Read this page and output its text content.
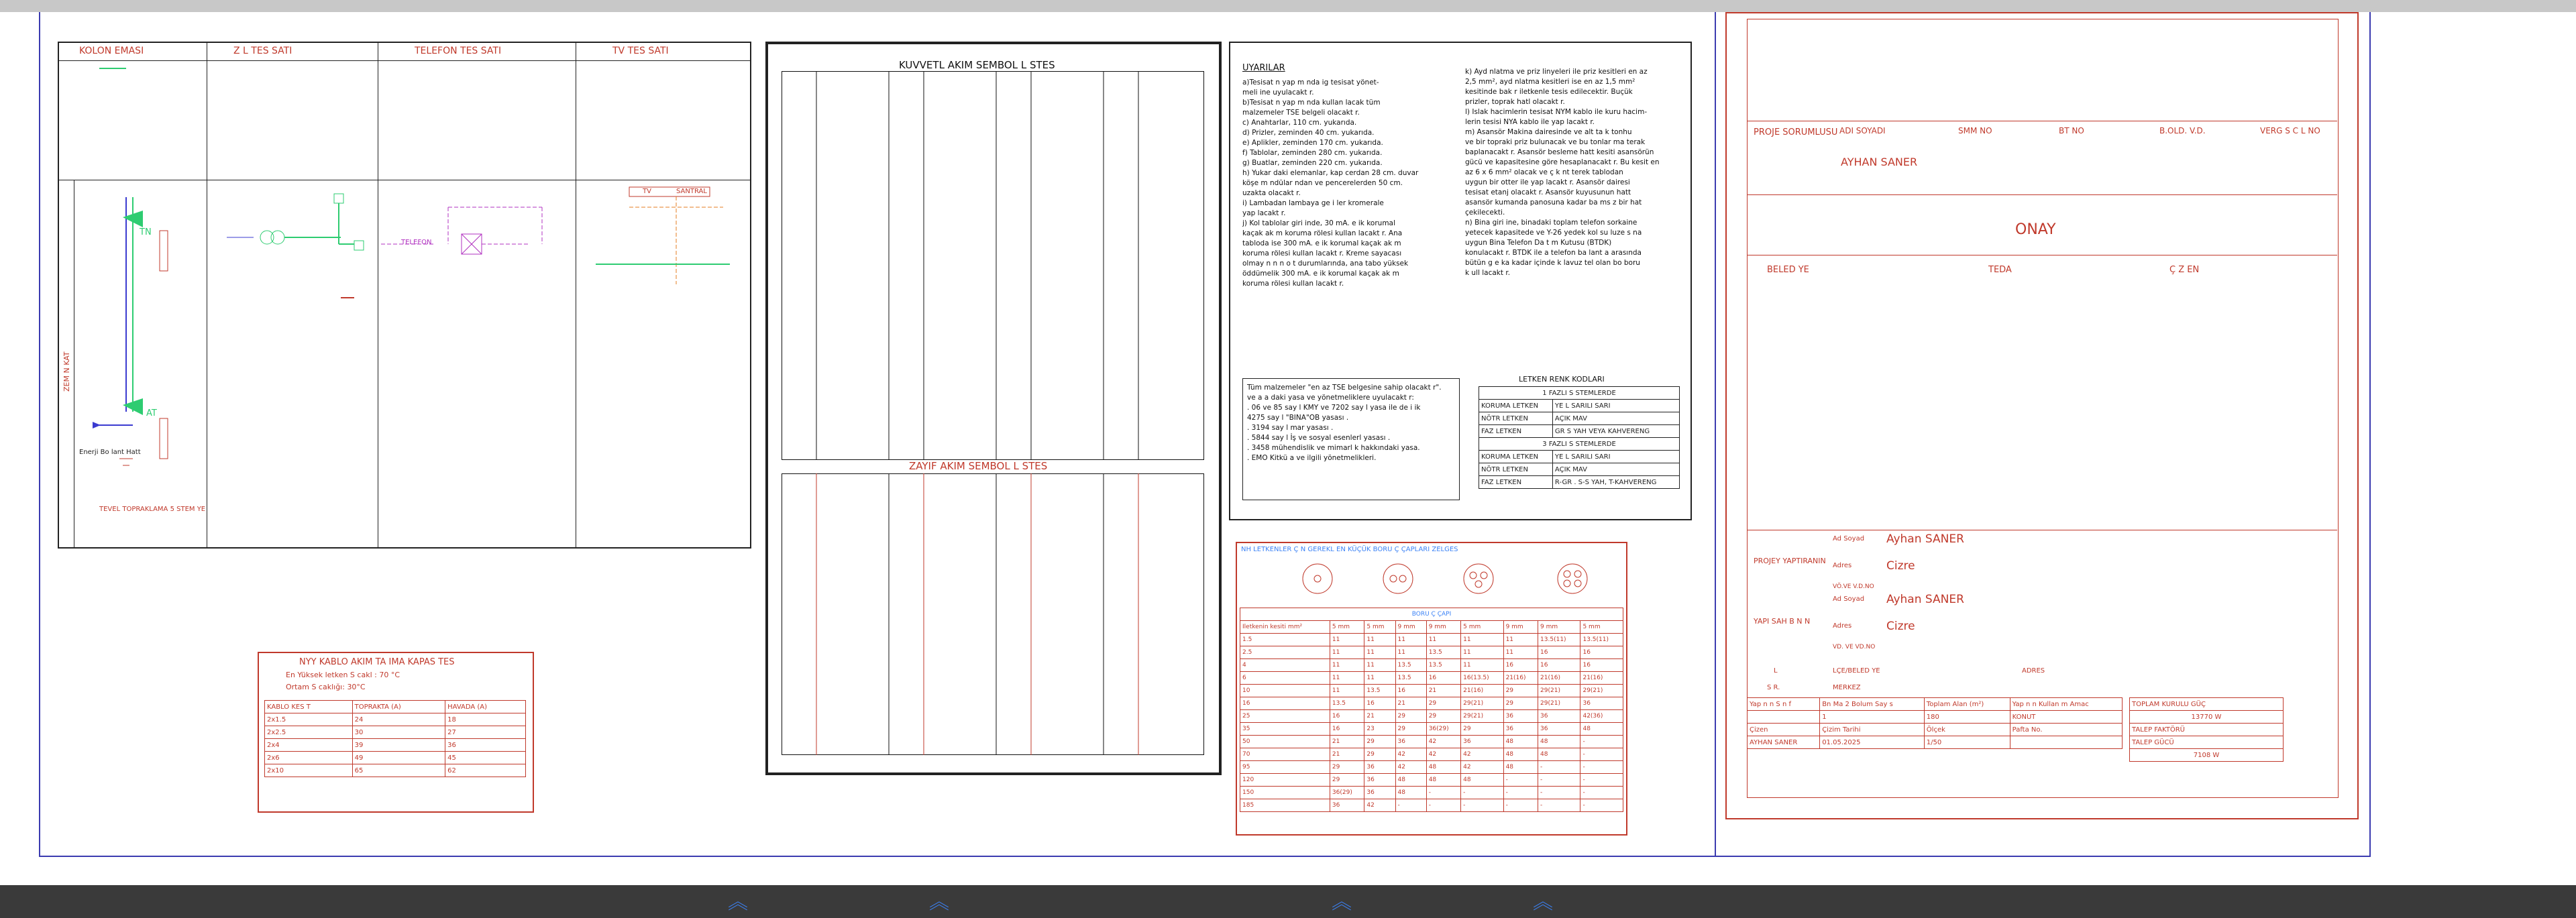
KOLON EMASI	Z L TES SATI	TELEFON TES SATI	TV TES SATI
TN
AT
ZEM N KAT
Enerji Bo lant Hatt
TEVEL TOPRAKLAMA 5 STEM YE
TELEFON
TV	SANTRAL
KUVVETL AKIM SEMBOL L STES
ZAYIF AKIM SEMBOL L STES
UYARILAR
a)Tesisat n yap m nda ig tesisat yönet-
meli ine uyulacakt r.
b)Tesisat n yap m nda kullan lacak tüm
malzemeler TSE belgeli olacakt r.
c) Anahtarlar, 110 cm. yukarıda.
d) Prizler, zeminden 40 cm. yukarıda.
e) Aplikler, zeminden 170 cm. yukarıda.
f) Tablolar, zeminden 280 cm. yukarıda.
g) Buatlar, zeminden 220 cm. yukarıda.
h) Yukar daki elemanlar, kap cerdan 28 cm. duvar
köşe m ndülar ndan ve pencerelerden 50 cm.
uzakta olacakt r.
i) Lambadan lambaya ge i ler kromerale
yap lacakt r.
j) Kol tablolar giri inde, 30 mA. e ik korumal
kaçak ak m koruma rölesi kullan lacakt r. Ana
tabloda ise 300 mA. e ik korumal kaçak ak m
koruma rölesi kullan lacakt r. Kreme sayacası
olmay n n n o t durumlarında, ana tabo yüksek
öddümelik 300 mA. e ik korumal kaçak ak m
koruma rölesi kullan lacakt r.
k) Ayd nlatma ve priz linyeleri ile priz kesitleri en az
2,5 mm², ayd nlatma kesitleri ise en az 1,5 mm²
kesitinde bak r iletkenle tesis edilecektir. Buçük
prizler, toprak hatl olacakt r.
l) Islak hacimlerin tesisat NYM kablo ile kuru hacim-
lerin tesisi NYA kablo ile yap lacakt r.
m) Asansör Makina dairesinde ve alt ta k tonhu
ve bir topraki priz bulunacak ve bu tonlar ma terak
baplanacakt r. Asansör besleme hatt kesiti asansörün
gücü ve kapasitesine göre hesaplanacakt r. Bu kesit en
az 6 x 6 mm² olacak ve ç k nt terek tablodan
uygun bir otter ile yap lacakt r. Asansör dairesi
tesisat etanj olacakt r. Asansör kuyusunun hatt
asansör kumanda panosuna kadar ba ms z bir hat
çekilecekti.
n) Bina giri ine, binadaki toplam telefon sorkaine
yetecek kapasitede ve Y-26 yedek kol su luze s na
uygun Bina Telefon Da t m Kutusu (BTDK)
konulacakt r. BTDK ile a telefon ba lant a arasında
bütün g e ka kadar içinde k lavuz tel olan bo boru
k ull lacakt r.
Tüm malzemeler "en az TSE belgesine sahip olacakt r".
ve a a daki yasa ve yönetmeliklere uyulacakt r:
. 06 ve 85 say l KMY ve 7202 say l yasa ile de i ik
4275 say l "BINA"OB yasası .
. 3194 say l mar yasası .
. 5844 say l İş ve sosyal esenlerl yasası .
. 3458 mühendislik ve mimarl k hakkındaki yasa.
. EMO Kitkü a ve ilgili yönetmelikleri.
LETKEN RENK KODLARI
1 FAZLI S STEMLERDE	
KORUMA LETKEN	YE L SARILI SARI
NÖTR LETKEN	AÇIK MAV
FAZ LETKEN	GR S YAH VEYA KAHVERENG
3 FAZLI S STEMLERDE	
KORUMA LETKEN	YE L SARILI SARI
NÖTR LETKEN	AÇIK MAV
FAZ LETKEN	R-GR . S-S YAH, T-KAHVERENG
NYY KABLO AKIM TA IMA KAPAS TES
En Yüksek letken S cakl : 70 °C
Ortam S caklığı: 30°C
KABLO KES T	TOPRAKTA (A)	HAVADA (A)
2x1.5	24	18
2x2.5	30	27
2x4	39	36
2x6	49	45
2x10	65	62
NH LETKENLER Ç N GEREKL EN KÜÇÜK BORU Ç ÇAPLARI ZELGES
BORU Ç ÇAPI								
Iletkenin kesiti mm²	5 mm	5 mm	9 mm	9 mm	5 mm	9 mm	9 mm	5 mm
1.5	11	11	11	11	11	11	13.5(11)	13.5(11)
2.5	11	11	11	13.5	11	11	16	16
4	11	11	13.5	13.5	11	16	16	16
6	11	11	13.5	16	16(13.5)	21(16)	21(16)	21(16)
10	11	13.5	16	21	21(16)	29	29(21)	29(21)
16	13.5	16	21	29	29(21)	29	29(21)	36
25	16	21	29	29	29(21)	36	36	42(36)
35	16	23	29	36(29)	29	36	36	48
50	21	29	36	42	36	48	48	-
70	21	29	42	42	42	48	48	-
95	29	36	42	48	42	48	-	-
120	29	36	48	48	48	-	-	-
150	36(29)	36	48	-	-	-	-	-
185	36	42	-	-	-	-	-	-
PROJE SORUMLUSU ADI SOYADI	SMM NO	BT NO	B.OLD. V.D.	VERG S C L NO
AYHAN SANER
ONAY
BELED YE	TEDA	Ç Z EN
PROJEY YAPTIRANIN
Ad Soyad Ayhan SANER
Adres	Cizre
VÖ.VE V.D.NO
YAPI SAH B N N
Ad Soyad Ayhan SANER
Adres	Cizre
VD. VE VD.NO
L	LÇE/BELED YE	ADRES
S R.	MERKEZ
Yap n n S n f	Bn Ma 2 Bolum Say s	Toplam Alan (m²)	Yap n n Kullan m Amac
	1	180	KONUT
Çizen	Çizim Tarihi	Ölçek	Pafta No.
AYHAN SANER	01.05.2025	1/50	
TOPLAM KURULU GÜÇ
13770 W
TALEP FAKTÖRÜ
TALEP GÜCÜ
7108 W
︽	︽	︽	︽
